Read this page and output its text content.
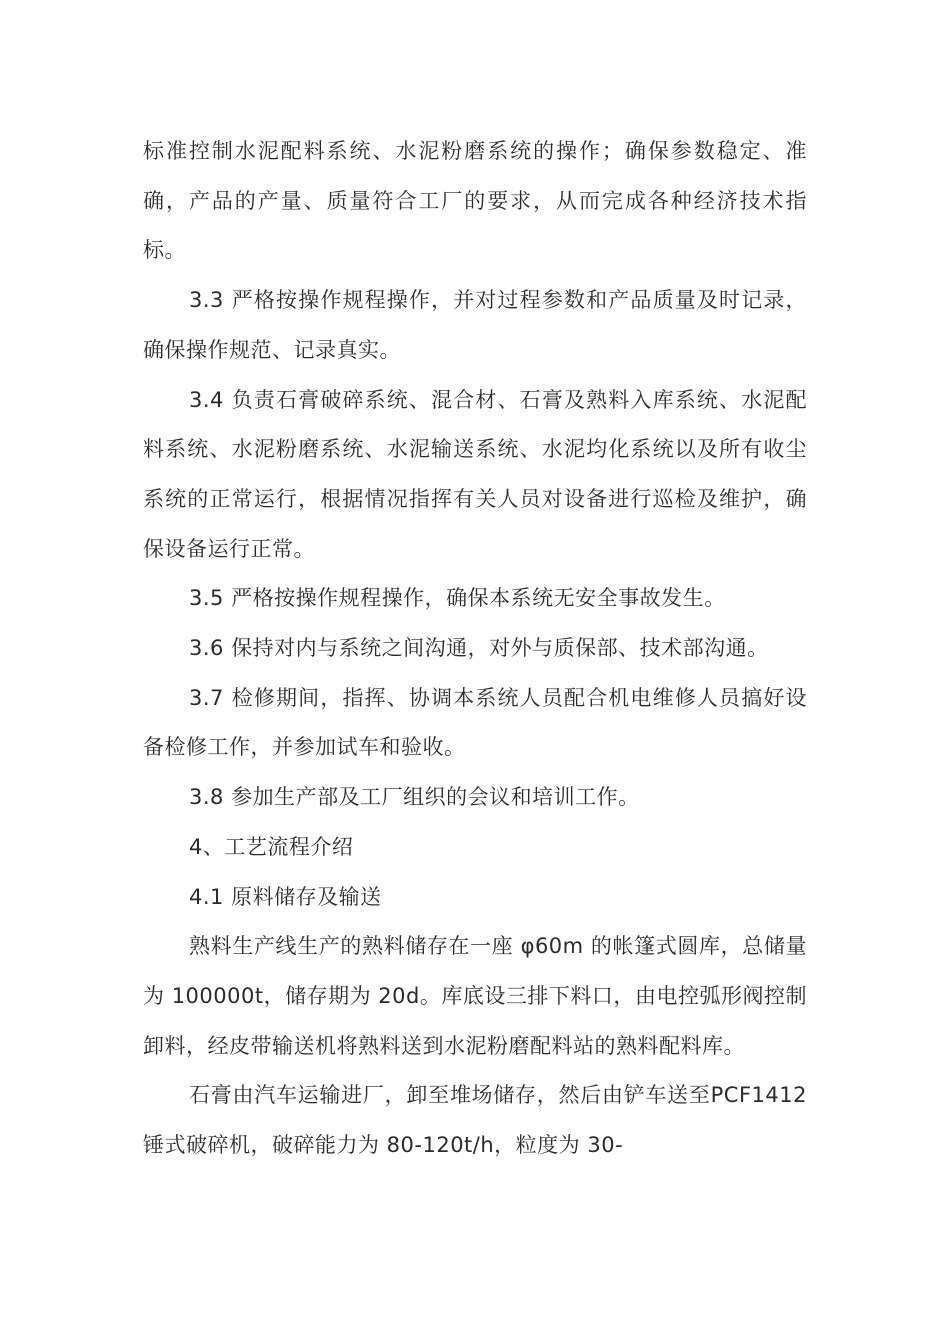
标准控制水泥配料系统、水泥粉磨系统的操作；确保参数稳定、准确，产品的产量、质量符合工厂的要求，从而完成各种经济技术指标。

3.3 严格按操作规程操作，并对过程参数和产品质量及时记录，确保操作规范、记录真实。

3.4 负责石膏破碎系统、混合材、石膏及熟料入库系统、水泥配料系统、水泥粉磨系统、水泥输送系统、水泥均化系统以及所有收尘系统的正常运行，根据情况指挥有关人员对设备进行巡检及维护，确保设备运行正常。

3.5 严格按操作规程操作，确保本系统无安全事故发生。

3.6 保持对内与系统之间沟通，对外与质保部、技术部沟通。

3.7 检修期间，指挥、协调本系统人员配合机电维修人员搞好设备检修工作，并参加试车和验收。

3.8 参加生产部及工厂组织的会议和培训工作。

4、工艺流程介绍

4.1 原料储存及输送

熟料生产线生产的熟料储存在一座 φ60m 的帐篷式圆库，总储量为 100000t，储存期为 20d。库底设三排下料口，由电控弧形阀控制卸料，经皮带输送机将熟料送到水泥粉磨配料站的熟料配料库。

石膏由汽车运输进厂，卸至堆场储存，然后由铲车送至PCF1412 锤式破碎机，破碎能力为 80-120t/h，粒度为 30-
